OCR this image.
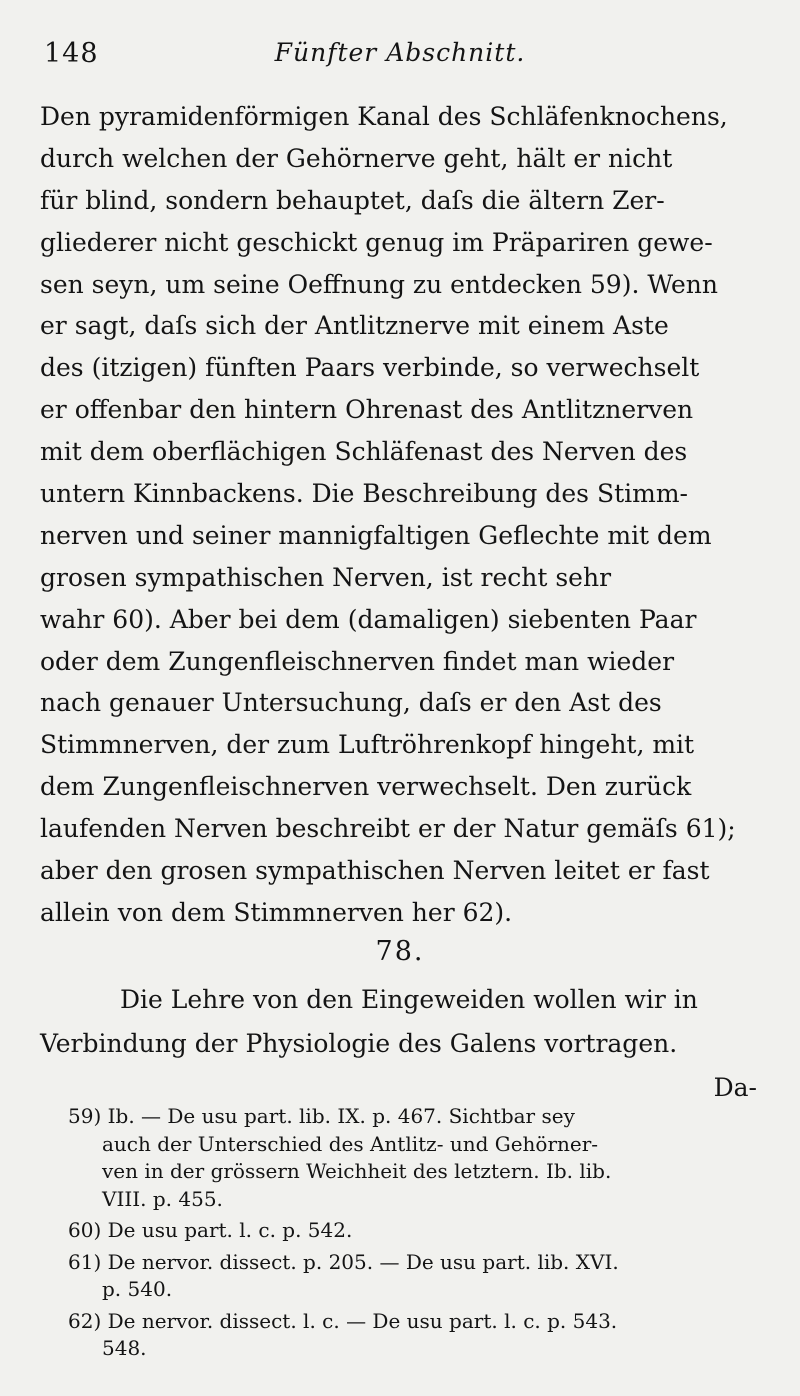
148	Fünfter Abschnitt.
Den pyramidenförmigen Kanal des Schläfenknochens,
durch welchen der Gehörnerve geht, hält er nicht
für blind, sondern behauptet, daſs die ältern Zer-
gliederer nicht geschickt genug im Präpariren gewe-
sen seyn, um seine Oeffnung zu entdecken 59). Wenn
er sagt, daſs sich der Antlitznerve mit einem Aste
des (itzigen) fünften Paars verbinde, so verwechselt
er offenbar den hintern Ohrenast des Antlitznerven
mit dem oberflächigen Schläfenast des Nerven des
untern Kinnbackens. Die Beschreibung des Stimm-
nerven und seiner mannigfaltigen Geflechte mit dem
grosen sympathischen Nerven, ist recht sehr
wahr 60). Aber bei dem (damaligen) siebenten Paar
oder dem Zungenfleischnerven findet man wieder
nach genauer Untersuchung, daſs er den Ast des
Stimmnerven, der zum Luftröhrenkopf hingeht, mit
dem Zungenfleischnerven verwechselt. Den zurück
laufenden Nerven beschreibt er der Natur gemäſs 61);
aber den grosen sympathischen Nerven leitet er fast
allein von dem Stimmnerven her 62).
78.
Die Lehre von den Eingeweiden wollen wir in
Verbindung der Physiologie des Galens vortragen.
Da-
59) Ib. — De usu part. lib. IX. p. 467. Sichtbar sey
auch der Unterschied des Antlitz- und Gehörner-
ven in der grössern Weichheit des letztern. Ib. lib.
VIII. p. 455.
60) De usu part. l. c. p. 542.
61) De nervor. dissect. p. 205. — De usu part. lib. XVI.
p. 540.
62) De nervor. dissect. l. c. — De usu part. l. c. p. 543.
548.
